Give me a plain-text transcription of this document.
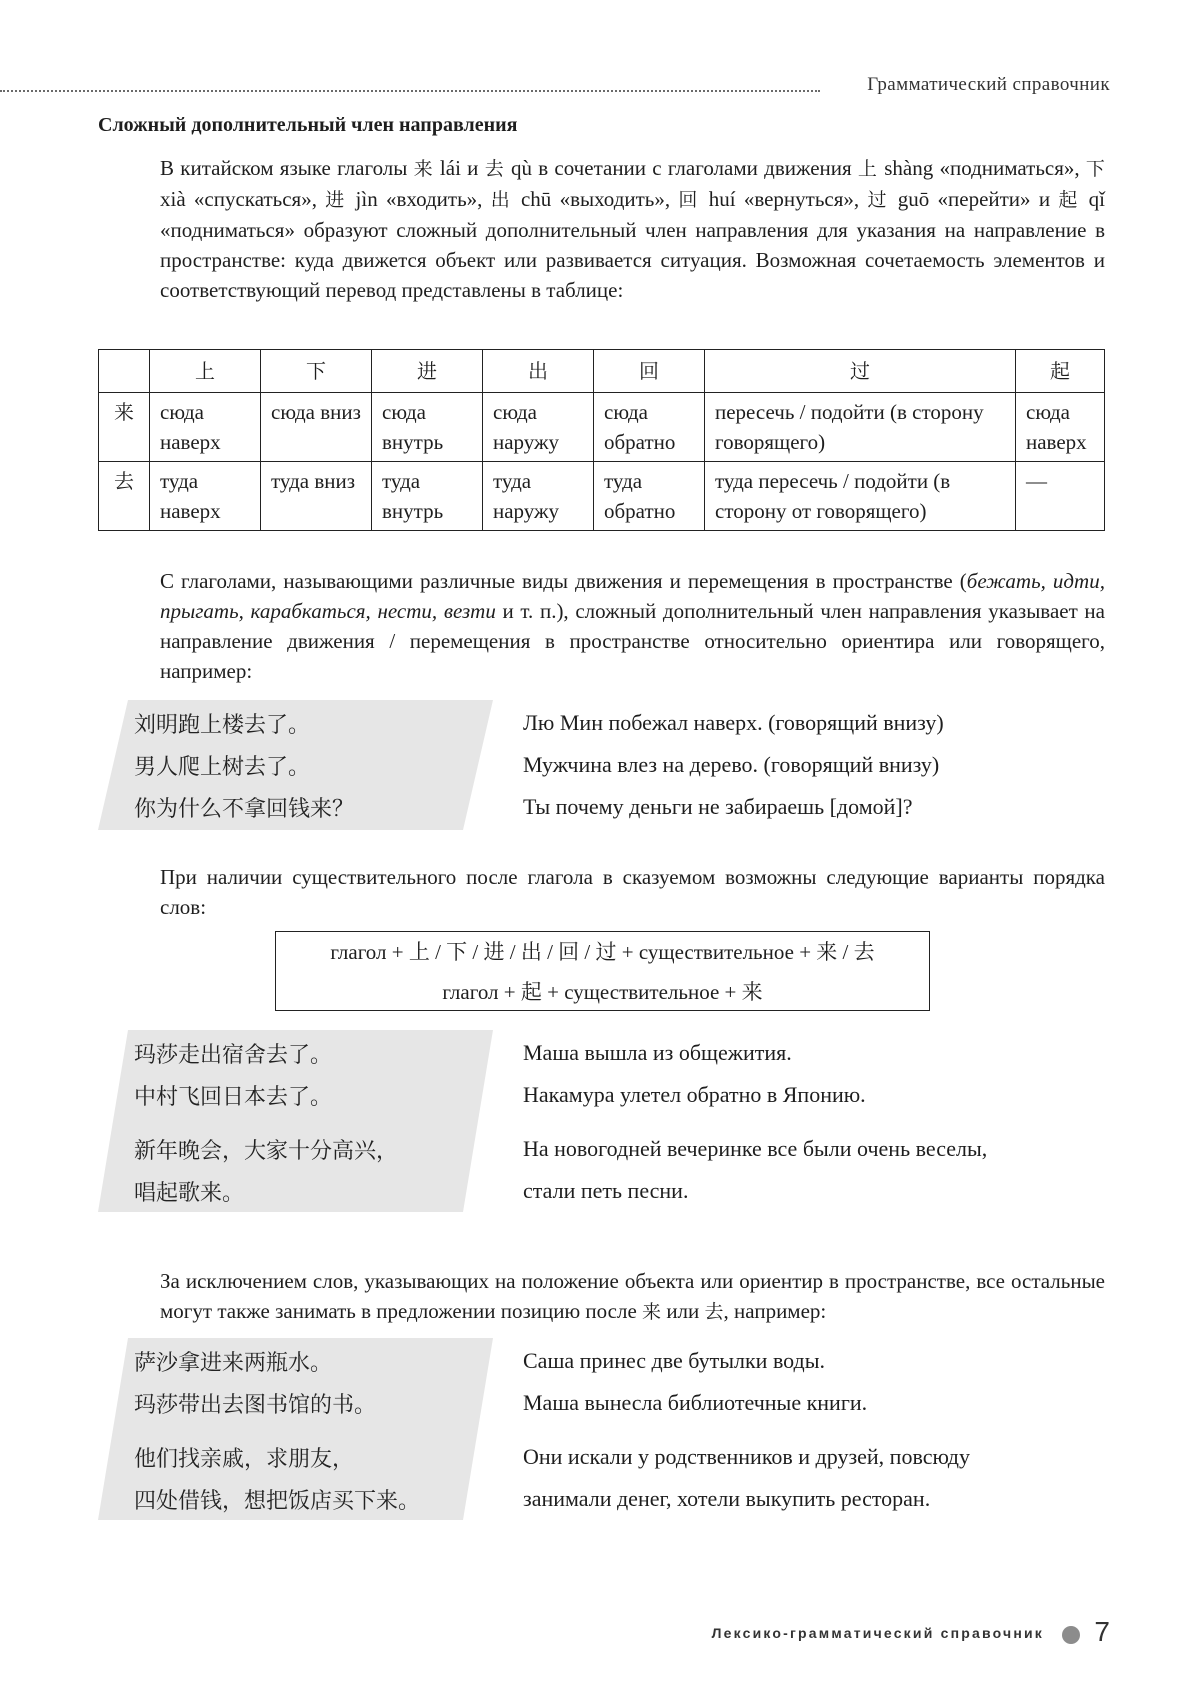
Грамматический справочник
Сложный дополнительный член направления
В китайском языке глаголы 来 lái и 去 qù в сочетании с глаголами движения 上 shàng «подниматься», 下 xià «спускаться», 进 jìn «входить», 出 chū «выходить», 回 huí «вернуться», 过 guō «перейти» и 起 qǐ «подниматься» образуют сложный дополнительный член направления для указания на направление в пространстве: куда движется объект или развивается ситуация. Возможная сочетаемость элементов и соответствующий перевод представлены в таблице:
	上	下	进	出	回	过	起
来	сюда наверх	сюда вниз	сюда внутрь	сюда наружу	сюда обратно	пересечь / подойти (в сторону говорящего)	сюда наверх
去	туда наверх	туда вниз	туда внутрь	туда наружу	туда обратно	туда пересечь / подойти (в сторону от говорящего)	—
С глаголами, называющими различные виды движения и перемещения в пространстве (бежать, идти, прыгать, карабкаться, нести, везти и т. п.), сложный дополнительный член направления указывает на направление движения / перемещения в пространстве относительно ориентира или говорящего, например:
刘明跑上楼去了。	Лю Мин побежал наверх. (говорящий внизу)
男人爬上树去了。	Мужчина влез на дерево. (говорящий внизу)
你为什么不拿回钱来？	Ты почему деньги не забираешь [домой]?
При наличии существительного после глагола в сказуемом возможны следующие варианты порядка слов:
глагол + 上 / 下 / 进 / 出 / 回 / 过 + существительное + 来 / 去
глагол + 起 + существительное + 来
玛莎走出宿舍去了。	Маша вышла из общежития.
中村飞回日本去了。	Накамура улетел обратно в Японию.
新年晚会，大家十分高兴，	На новогодней вечеринке все были очень веселы,
唱起歌来。	стали петь песни.
За исключением слов, указывающих на положение объекта или ориентир в пространстве, все остальные могут также занимать в предложении позицию после 来 или 去, например:
萨沙拿进来两瓶水。	Саша принес две бутылки воды.
玛莎带出去图书馆的书。	Маша вынесла библиотечные книги.
他们找亲戚，求朋友，	Они искали у родственников и друзей, повсюду
四处借钱，想把饭店买下来。	занимали денег, хотели выкупить ресторан.
Лексико-грамматический справочник 7
